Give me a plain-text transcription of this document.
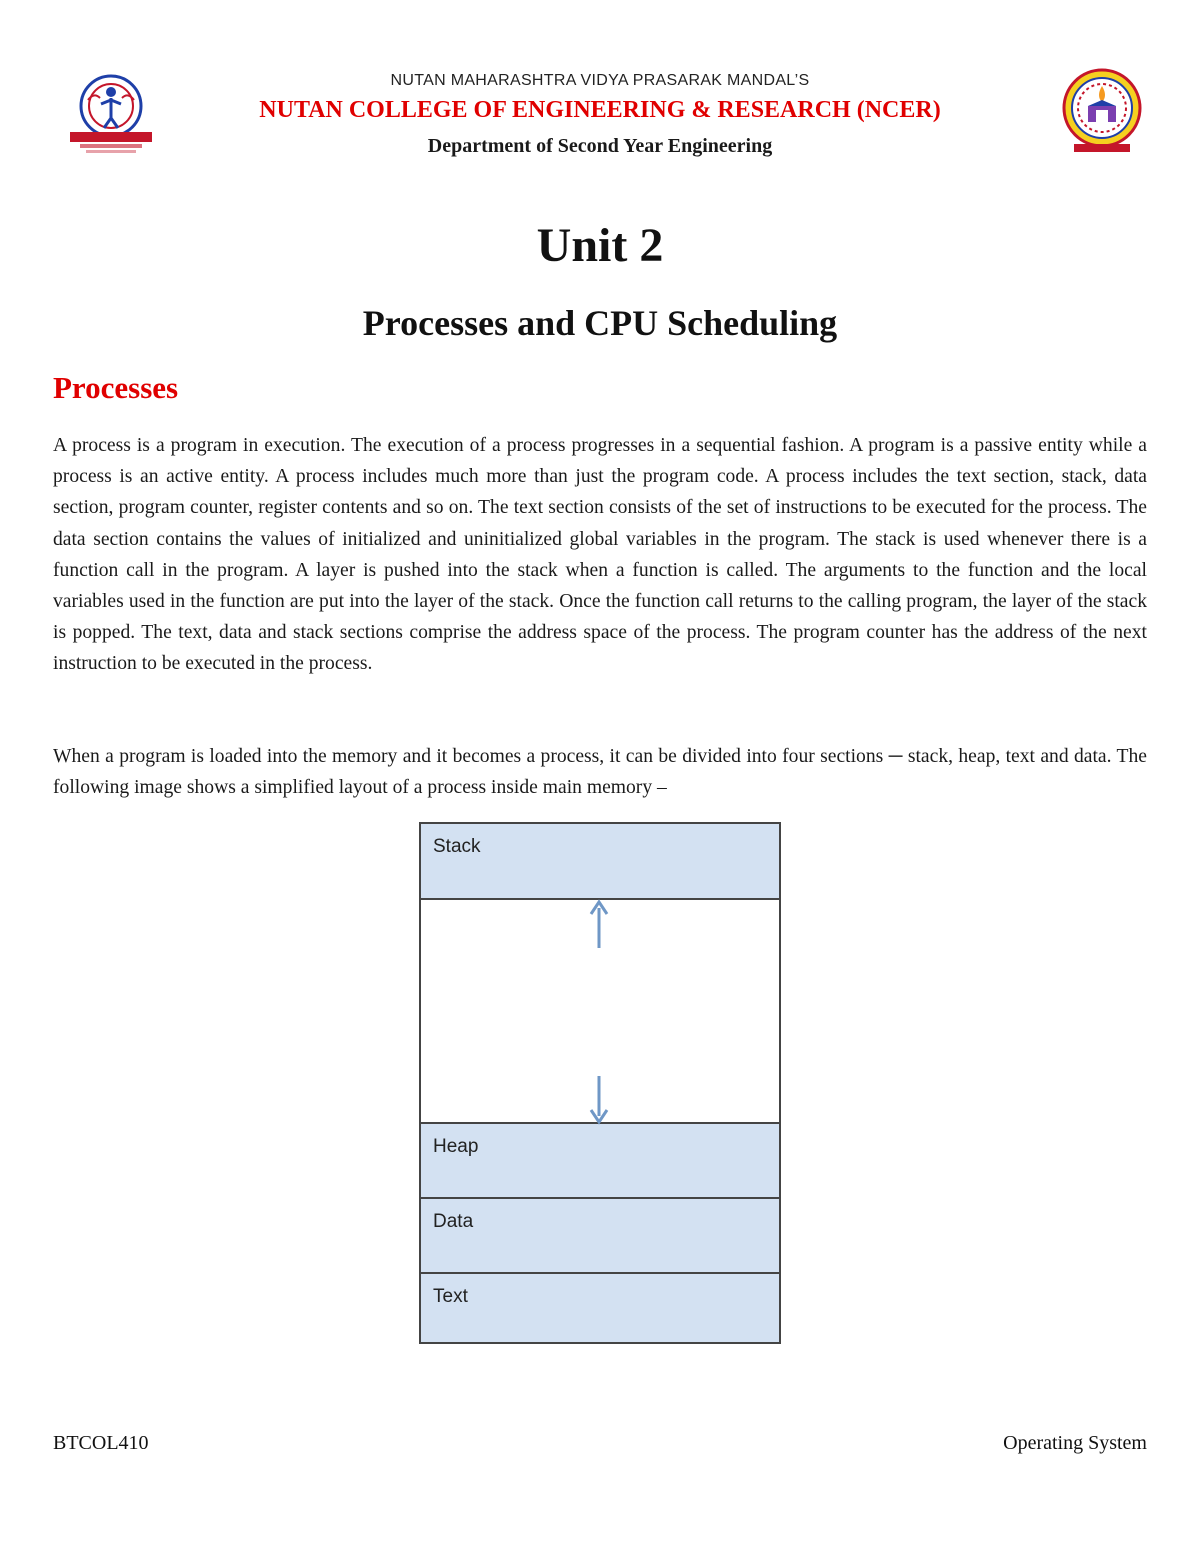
NUTAN MAHARASHTRA VIDYA PRASARAK MANDAL’S
NUTAN COLLEGE OF ENGINEERING & RESEARCH (NCER)
Department of Second Year Engineering
Unit 2
Processes and CPU Scheduling
Processes
A process is a program in execution. The execution of a process progresses in a sequential fashion. A program is a passive entity while a process is an active entity. A process includes much more than just the program code. A process includes the text section, stack, data section, program counter, register contents and so on. The text section consists of the set of instructions to be executed for the process. The data section contains the values of initialized and uninitialized global variables in the program. The stack is used whenever there is a function call in the program. A layer is pushed into the stack when a function is called. The arguments to the function and the local variables used in the function are put into the layer of the stack. Once the function call returns to the calling program, the layer of the stack is popped. The text, data and stack sections comprise the address space of the process. The program counter has the address of the next instruction to be executed in the process.
When a program is loaded into the memory and it becomes a process, it can be divided into four sections ─ stack, heap, text and data. The following image shows a simplified layout of a process inside main memory –
Stack
Heap
Data
Text
BTCOL410	Operating System
